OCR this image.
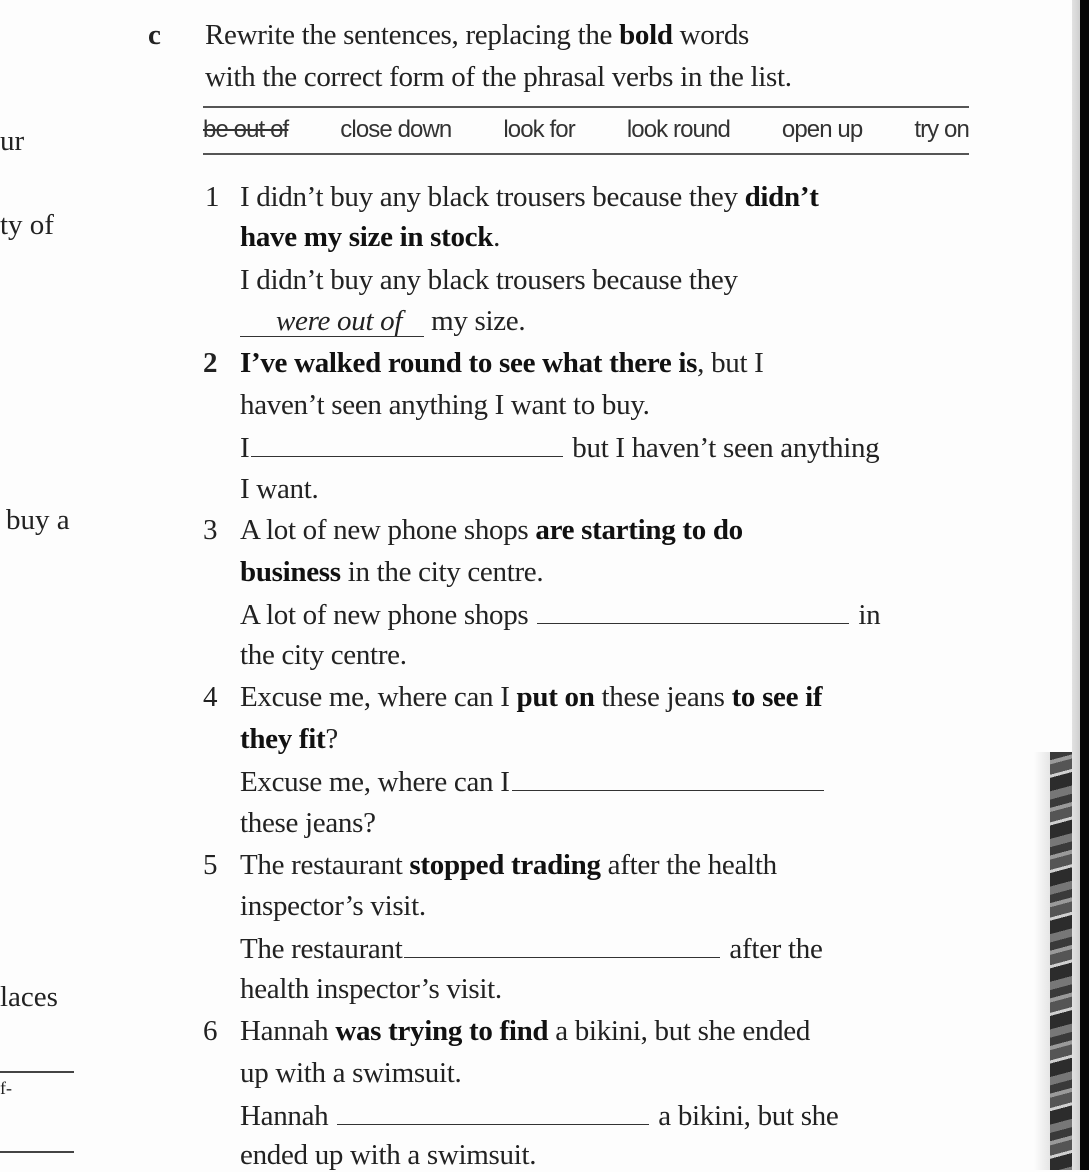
c Rewrite the sentences, replacing the bold words
with the correct form of the phrasal verbs in the list.
be out of close down look for look round open up try on
1 I didn’t buy any black trousers because they didn’t
have my size in stock.
I didn’t buy any black trousers because they
were out of my size.
2 I’ve walked round to see what there is, but I
haven’t seen anything I want to buy.
I	but I haven’t seen anything
I want.
3 A lot of new phone shops are starting to do
business in the city centre.
A lot of new phone shops	in
the city centre.
4 Excuse me, where can I put on these jeans to see if
they fit?
Excuse me, where can I
these jeans?
5 The restaurant stopped trading after the health
inspector’s visit.
The restaurant	after the
health inspector’s visit.
6 Hannah was trying to find a bikini, but she ended
up with a swimsuit.
Hannah	a bikini, but she
ended up with a swimsuit.
ur
ty of
buy a
laces
f-
